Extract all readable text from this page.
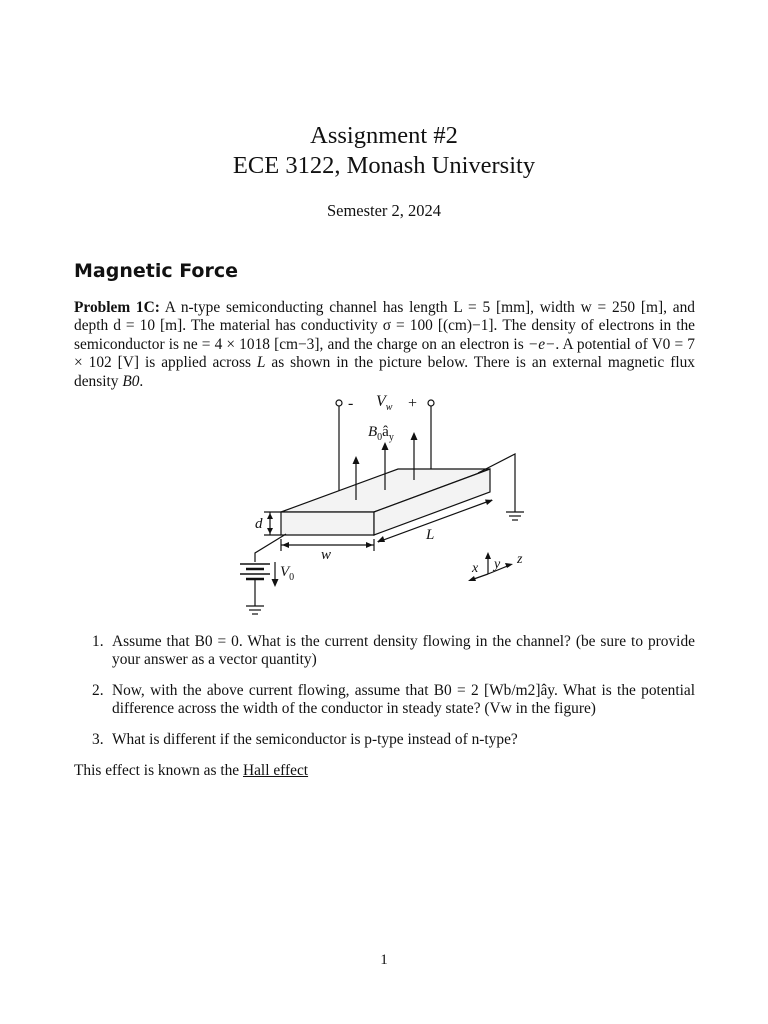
Assignment #2
ECE 3122, Monash University
Semester 2, 2024
Magnetic Force
Problem 1C: A n-type semiconducting channel has length L = 5 [mm], width w = 250 [m], and depth d = 10 [m]. The material has conductivity σ = 100 [(cm)−1]. The density of electrons in the semiconductor is ne = 4 × 1018 [cm−3], and the charge on an electron is −e−. A potential of V0 = 7 × 102 [V] is applied across L as shown in the picture below. There is an external magnetic flux density B0.
-	+
$V_w$
$B_0â_y$
d
w
L
$V_0$
x y z
1. Assume that B0 = 0. What is the current density flowing in the channel? (be sure to provide your answer as a vector quantity)
2. Now, with the above current flowing, assume that B0 = 2 [Wb/m2]ây. What is the potential difference across the width of the conductor in steady state? (Vw in the figure)
3. What is different if the semiconductor is p-type instead of n-type?
This effect is known as the Hall effect
1
